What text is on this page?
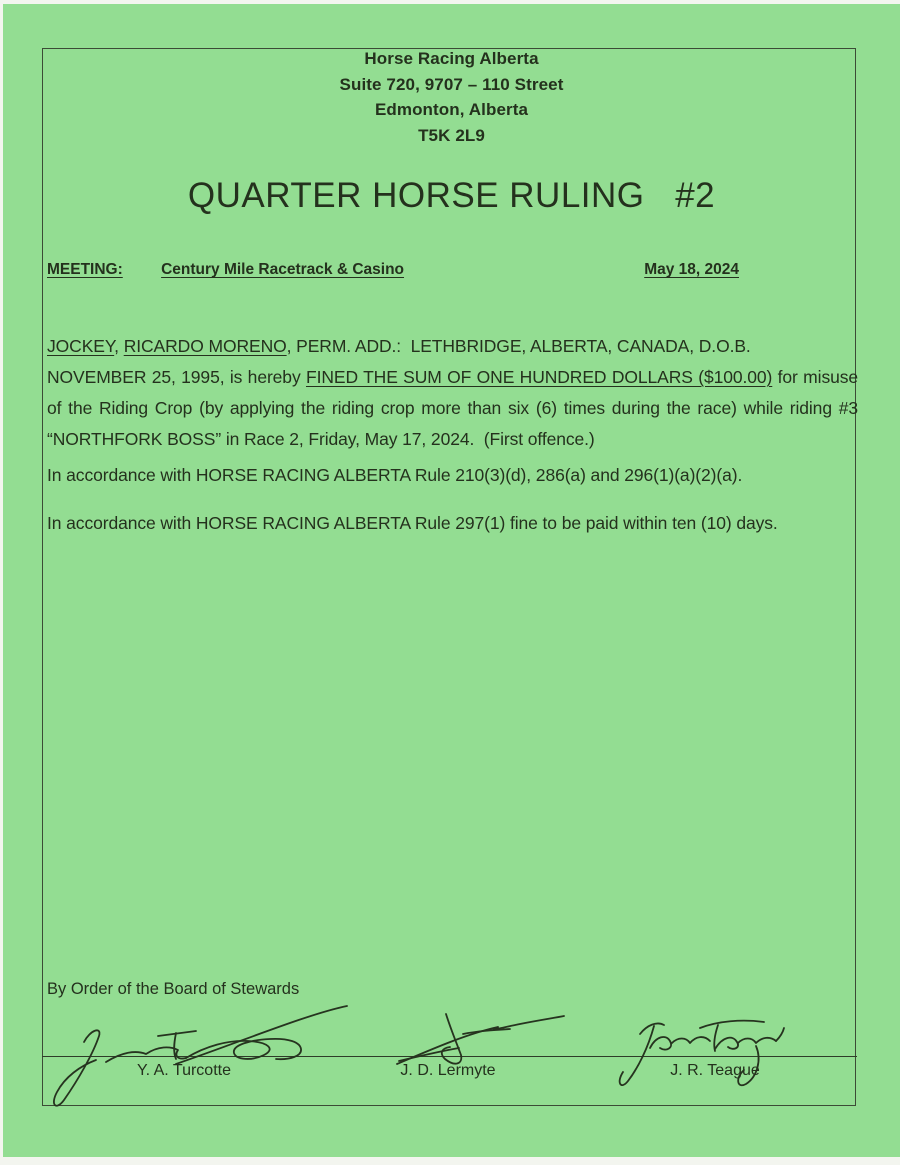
Horse Racing Alberta
Suite 720, 9707 – 110 Street
Edmonton, Alberta
T5K 2L9
QUARTER HORSE RULING   #2
MEETING: Century Mile Racetrack & Casino	May 18, 2024

JOCKEY, RICARDO MORENO, PERM. ADD.:  LETHBRIDGE, ALBERTA, CANADA, D.O.B.
NOVEMBER 25, 1995, is hereby FINED THE SUM OF ONE HUNDRED DOLLARS ($100.00) for misuse of the Riding Crop (by applying the riding crop more than six (6) times during the race) while riding #3 “NORTHFORK BOSS” in Race 2, Friday, May 17, 2024.  (First offence.)

In accordance with HORSE RACING ALBERTA Rule 210(3)(d), 286(a) and 296(1)(a)(2)(a).

In accordance with HORSE RACING ALBERTA Rule 297(1) fine to be paid within ten (10) days.

By Order of the Board of Stewards
Y. A. Turcotte	J. D. Lermyte	J. R. Teague
